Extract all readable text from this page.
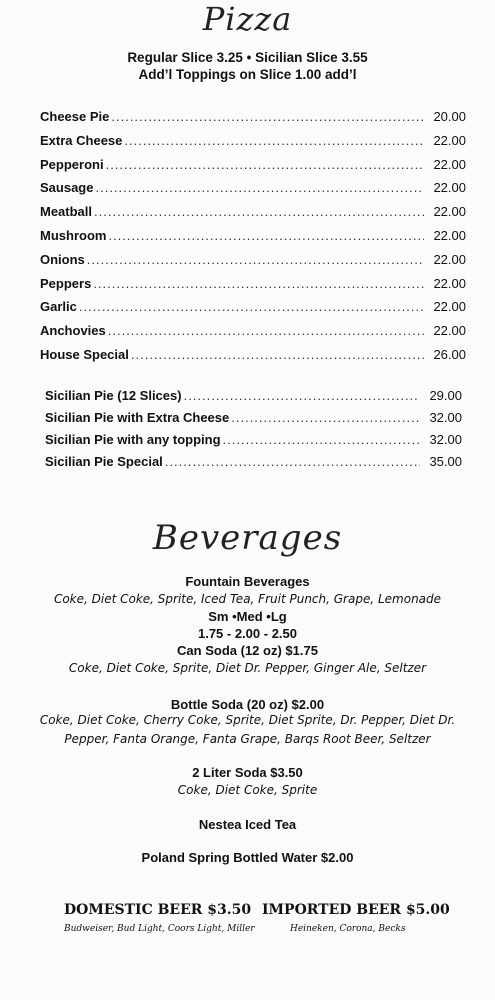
Pizza
Regular Slice 3.25 • Sicilian Slice 3.55
Add’l Toppings on Slice 1.00 add’l
Cheese Pie .....	20.00
Extra Cheese .....	22.00
Pepperoni .....	22.00
Sausage .....	22.00
Meatball .....	22.00
Mushroom .....	22.00
Onions .....	22.00
Peppers .....	22.00
Garlic .....	22.00
Anchovies .....	22.00
House Special .....	26.00
Sicilian Pie (12 Slices) .....	29.00
Sicilian Pie with Extra Cheese .....	32.00
Sicilian Pie with any topping .....	32.00
Sicilian Pie Special .....	35.00
Beverages
Fountain Beverages
Coke, Diet Coke, Sprite, Iced Tea, Fruit Punch, Grape, Lemonade
Sm •Med •Lg
1.75 - 2.00 - 2.50
Can Soda (12 oz) $1.75
Coke, Diet Coke, Sprite, Diet Dr. Pepper, Ginger Ale, Seltzer
Bottle Soda (20 oz) $2.00
Coke, Diet Coke, Cherry Coke, Sprite, Diet Sprite, Dr. Pepper, Diet Dr.
Pepper, Fanta Orange, Fanta Grape, Barqs Root Beer, Seltzer
2 Liter Soda $3.50
Coke, Diet Coke, Sprite
Nestea Iced Tea
Poland Spring Bottled Water $2.00
DOMESTIC BEER $3.50
Budweiser, Bud Light, Coors Light, Miller
IMPORTED BEER $5.00
Heineken, Corona, Becks
